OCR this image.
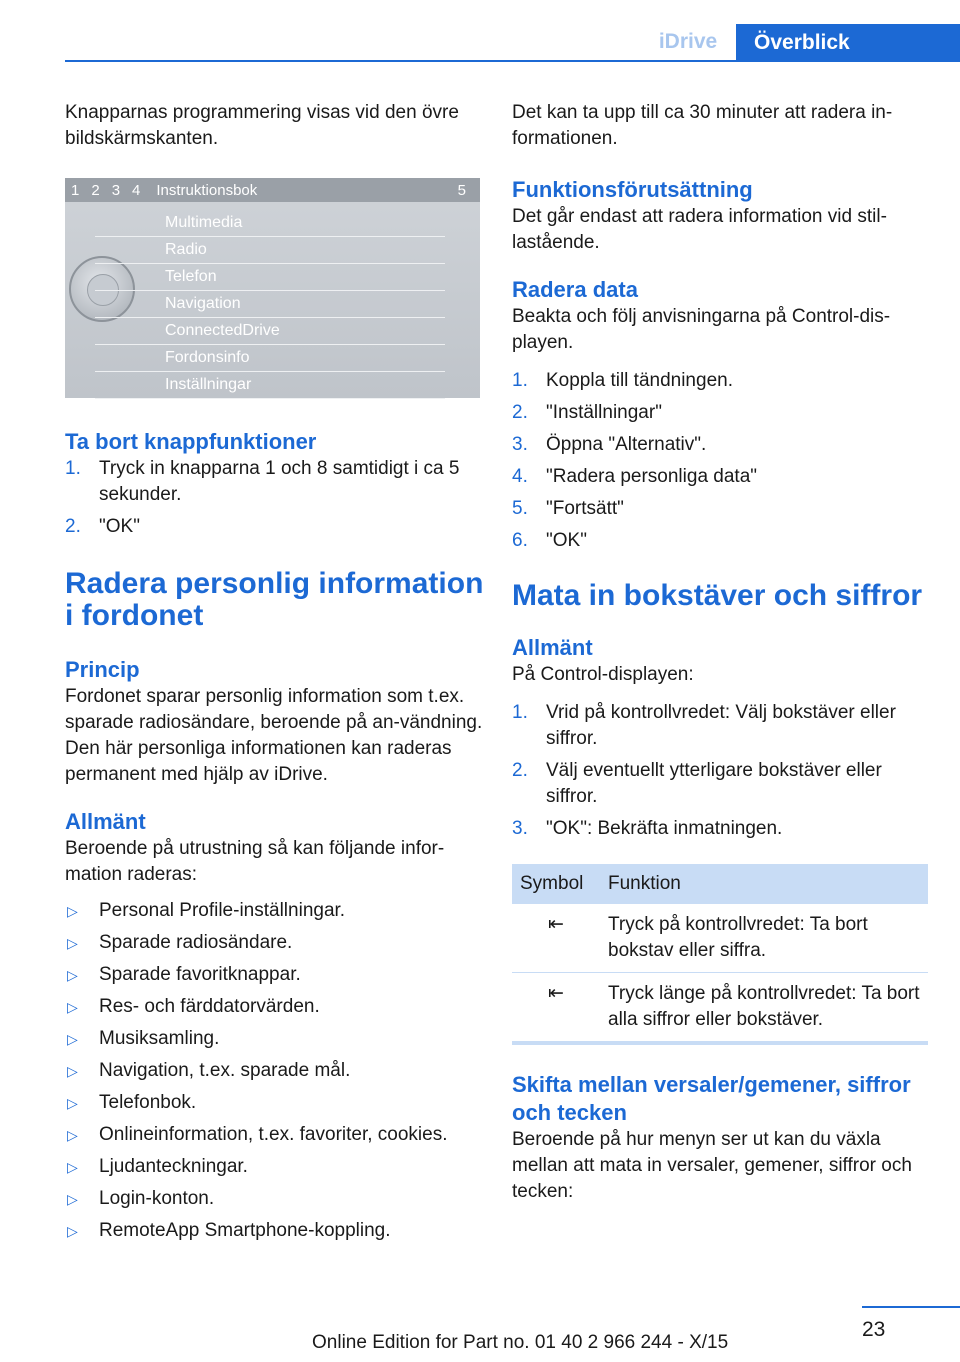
iDrive	Överblick

Knapparnas programmering visas vid den övre bildskärmskanten.

1 2 3 4	Instruktionsbok	5
Multimedia
Radio
Telefon
Navigation
ConnectedDrive
Fordonsinfo
Inställningar
Ta bort knappfunktioner
1. Tryck in knapparna 1 och 8 samtidigt i ca 5 sekunder.
2. "OK"
Radera personlig information i fordonet
Princip

Fordonet sparar personlig information som t.ex. sparade radiosändare, beroende på an-vändning. Den här personliga informationen kan raderas permanent med hjälp av iDrive.

Allmänt

Beroende på utrustning så kan följande infor-mation raderas:

▷ Personal Profile-inställningar.
▷ Sparade radiosändare.
▷ Sparade favoritknappar.
▷ Res- och färddatorvärden.
▷ Musiksamling.
▷ Navigation, t.ex. sparade mål.
▷ Telefonbok.
▷ Onlineinformation, t.ex. favoriter, cookies.
▷ Ljudanteckningar.
▷ Login-konton.
▷ RemoteApp Smartphone-koppling.

Det kan ta upp till ca 30 minuter att radera in-formationen.

Funktionsförutsättning

Det går endast att radera information vid stil-lastående.

Radera data

Beakta och följ anvisningarna på Control-dis-playen.

1. Koppla till tändningen.
2. "Inställningar"
3. Öppna "Alternativ".
4. "Radera personliga data"
5. "Fortsätt"
6. "OK"
Mata in bokstäver och siffror
Allmänt

På Control-displayen:

1. Vrid på kontrollvredet: Välj bokstäver eller siffror.
2. Välj eventuellt ytterligare bokstäver eller siffror.
3. "OK": Bekräfta inmatningen.
Symbol	Funktion
⇤	Tryck på kontrollvredet: Ta bort bokstav eller siffra.
⇤	Tryck länge på kontrollvredet: Ta bort alla siffror eller bokstäver.
Skifta mellan versaler/gemener, siffror och tecken

Beroende på hur menyn ser ut kan du växla mellan att mata in versaler, gemener, siffror och tecken:

23
Online Edition for Part no. 01 40 2 966 244 - X/15
